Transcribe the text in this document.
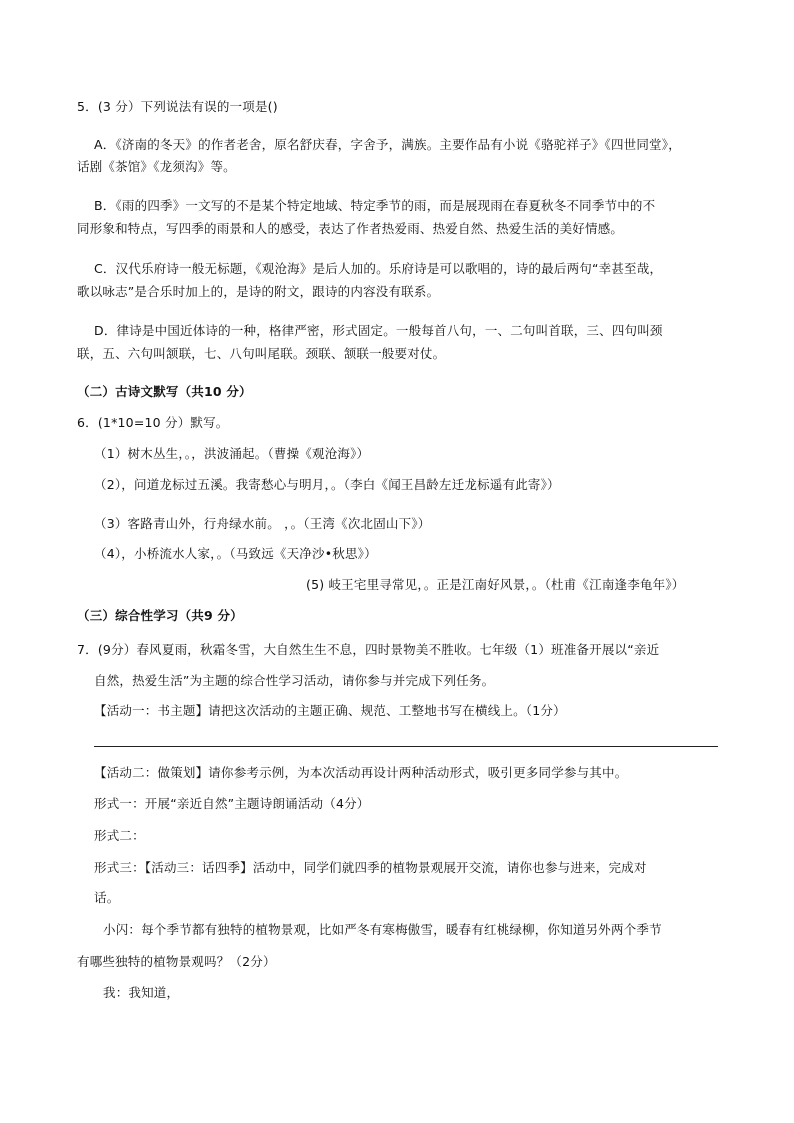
5．(3 分）下列说法有误的一项是()
A．《济南的冬天》的作者老舍，原名舒庆春，字舍予，满族。主要作品有小说《骆驼祥子》《四世同堂》，
话剧《茶馆》《龙须沟》等。
B．《雨的四季》一文写的不是某个特定地域、特定季节的雨，而是展现雨在春夏秋冬不同季节中的不
同形象和特点，写四季的雨景和人的感受，表达了作者热爱雨、热爱自然、热爱生活的美好情感。
C．汉代乐府诗一般无标题，《观沧海》是后人加的。乐府诗是可以歌唱的，诗的最后两句“幸甚至哉，
歌以咏志”是合乐时加上的，是诗的附文，跟诗的内容没有联系。
D．律诗是中国近体诗的一种，格律严密，形式固定。一般每首八句，一、二句叫首联，三、四句叫颈
联，五、六句叫颔联，七、八句叫尾联。颈联、颔联一般要对仗。
（二）古诗文默写（共10 分）
6．(1*10=10 分）默写。
（1）树木丛生，。，洪波涌起。（曹操《观沧海》）
（2），问道龙标过五溪。我寄愁心与明月，。（李白《闻王昌龄左迁龙标遥有此寄》）
（3）客路青山外，行舟绿水前。 ，。（王湾《次北固山下》）
（4），小桥流水人家，。（马致远《天净沙•秋思》）
(5) 岐王宅里寻常见，。正是江南好风景，。（杜甫《江南逢李龟年》）
（三）综合性学习（共9 分）
7．(9分）春风夏雨，秋霜冬雪，大自然生生不息，四时景物美不胜收。七年级（1）班准备开展以“亲近
自然，热爱生活”为主题的综合性学习活动，请你参与并完成下列任务。
【活动一：书主题】请把这次活动的主题正确、规范、工整地书写在横线上。（1分）
【活动二：做策划】请你参考示例，为本次活动再设计两种活动形式，吸引更多同学参与其中。
形式一：开展“亲近自然”主题诗朗诵活动（4分）
形式二：
形式三：【活动三：话四季】活动中，同学们就四季的植物景观展开交流，请你也参与进来，完成对
话。
小闪：每个季节都有独特的植物景观，比如严冬有寒梅傲雪，暖春有红桃绿柳，你知道另外两个季节
有哪些独特的植物景观吗？（2分）
我：我知道，
